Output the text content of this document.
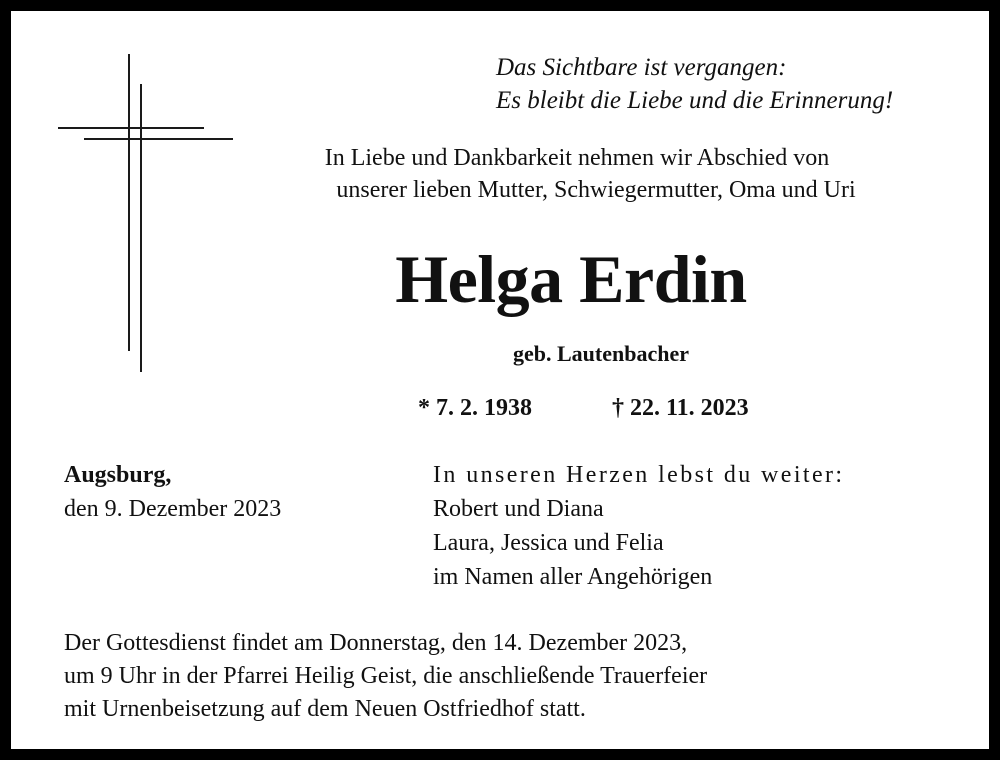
Das Sichtbare ist vergangen:
Es bleibt die Liebe und die Erinnerung!
In Liebe und Dankbarkeit nehmen wir Abschied von
unserer lieben Mutter, Schwiegermutter, Oma und Uri
Helga Erdin
geb. Lautenbacher
* 7. 2. 1938	† 22. 11. 2023
Augsburg,
den 9. Dezember 2023
In unseren Herzen lebst du weiter:
Robert und Diana
Laura, Jessica und Felia
im Namen aller Angehörigen
Der Gottesdienst findet am Donnerstag, den 14. Dezember 2023,
um 9 Uhr in der Pfarrei Heilig Geist, die anschließende Trauerfeier
mit Urnenbeisetzung auf dem Neuen Ostfriedhof statt.
